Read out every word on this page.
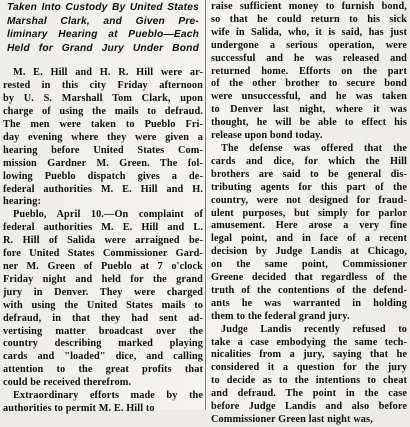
Taken Into Custody By United States
Marshal Clark, and Given Pre-
liminary Hearing at Pueblo—Each
Held for Grand Jury Under Bond
M. E. Hill and H. R. Hill were ar-
rested in this city Friday afternoon
by U. S. Marshall Tom Clark, upon
charge of using the mails to defraud.
The men were taken to Pueblo Fri-
day evening where they were given a
hearing before United States Com-
mission Gardner M. Green. The fol-
lowing Pueblo dispatch gives a de-
federal authorities M. E. Hill and H.
hearing:
Pueblo, April 10.—On complaint of
federal authorities M. E. Hill and L.
R. Hill of Salida were arraigned be-
fore United States Commissioner Gard-
ner M. Green of Pueblo at 7 o'clock
Friday night and held for the grand
jury in Denver. They were charged
with using the United States mails to
defraud, in that they had sent ad-
vertising matter broadcast over the
country describing marked playing
cards and "loaded" dice, and calling
attention to the great profits that
could be received therefrom.
Extraordinary efforts made by the
authorities to permit M. E. Hill to
raise sufficient money to furnish bond,
so that he could return to his sick
wife in Salida, who, it is said, has just
undergone a serious operation, were
successful and he was released and
returned home. Efforts on the part
of the other brother to secure bond
were unsuccessful, and he was taken
to Denver last night, where it was
thought, he will be able to effect his
release upon bond today.
The defense was offered that the
cards and dice, for which the Hill
brothers are said to be general dis-
tributing agents for this part of the
country, were not designed for fraud-
ulent purposes, but simply for parlor
amusement. Here arose a very fine
legal point, and in face of a recent
decision by Judge Landis at Chicago,
on the same point, Commissioner
Greene decided that regardless of the
truth of the contentions of the defend-
ants he was warranted in holding
them to the federal grand jury.
Judge Landis recently refused to
take a case embodying the same tech-
nicalities from a jury, saying that he
considered it a question for the jury
to decide as to the intentions to cheat
and defraud. The point in the case
before Judge Landis and also before
Commissioner Green last night was,
